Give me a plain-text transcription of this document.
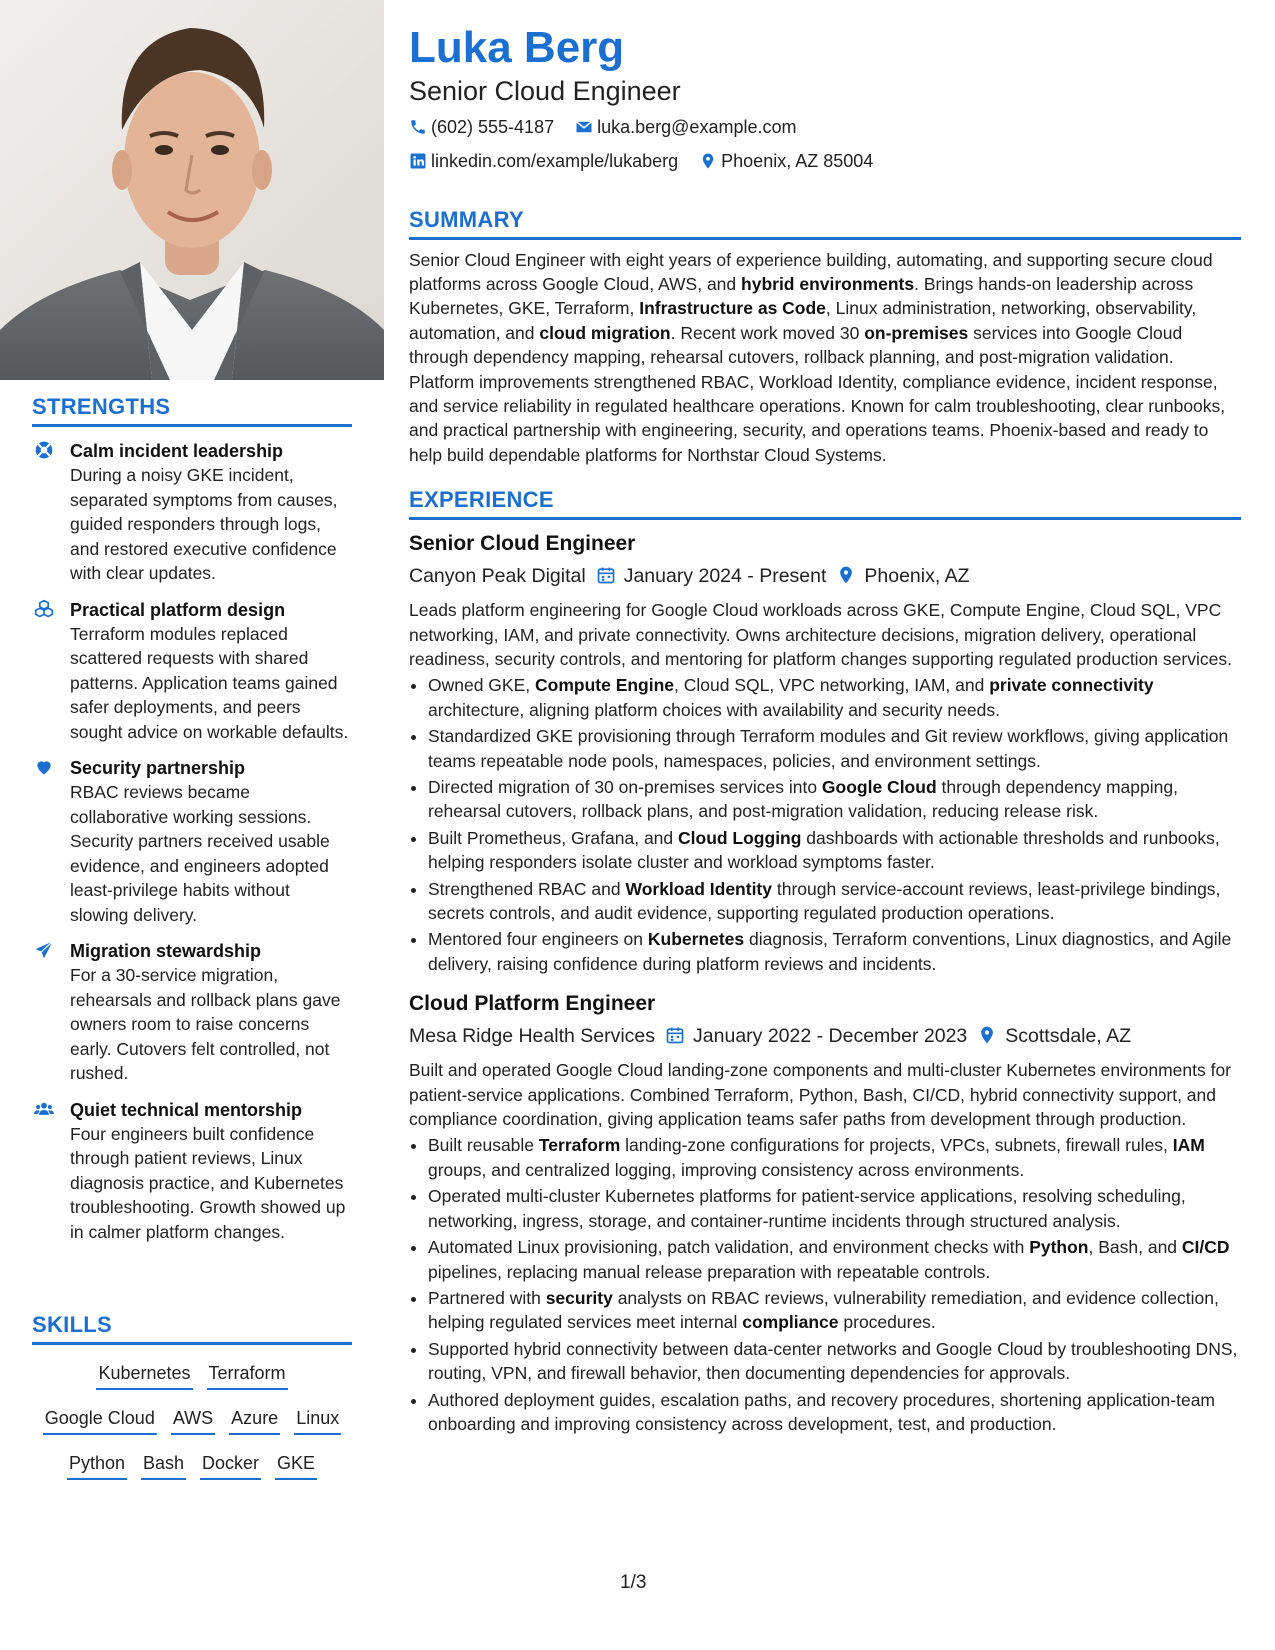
STRENGTHS
Calm incident leadership
During a noisy GKE incident, separated symptoms from causes, guided responders through logs, and restored executive confidence with clear updates.
Practical platform design
Terraform modules replaced scattered requests with shared patterns. Application teams gained safer deployments, and peers sought advice on workable defaults.
Security partnership
RBAC reviews became collaborative working sessions. Security partners received usable evidence, and engineers adopted least-privilege habits without slowing delivery.
Migration stewardship
For a 30-service migration, rehearsals and rollback plans gave owners room to raise concerns early. Cutovers felt controlled, not rushed.
Quiet technical mentorship
Four engineers built confidence through patient reviews, Linux diagnosis practice, and Kubernetes troubleshooting. Growth showed up in calmer platform changes.
SKILLS
Kubernetes Terraform
Google Cloud AWS Azure Linux
Python Bash Docker GKE
Luka Berg
Senior Cloud Engineer
(602) 555-4187 luka.berg@example.com
linkedin.com/example/lukaberg Phoenix, AZ 85004
SUMMARY

Senior Cloud Engineer with eight years of experience building, automating, and supporting secure cloud platforms across Google Cloud, AWS, and hybrid environments. Brings hands-on leadership across Kubernetes, GKE, Terraform, Infrastructure as Code, Linux administration, networking, observability, automation, and cloud migration. Recent work moved 30 on-premises services into Google Cloud through dependency mapping, rehearsal cutovers, rollback planning, and post-migration validation. Platform improvements strengthened RBAC, Workload Identity, compliance evidence, incident response, and service reliability in regulated healthcare operations. Known for calm troubleshooting, clear runbooks, and practical partnership with engineering, security, and operations teams. Phoenix-based and ready to help build dependable platforms for Northstar Cloud Systems.

EXPERIENCE
Senior Cloud Engineer
Canyon Peak Digital January 2024 - Present Phoenix, AZ

Leads platform engineering for Google Cloud workloads across GKE, Compute Engine, Cloud SQL, VPC networking, IAM, and private connectivity. Owns architecture decisions, migration delivery, operational readiness, security controls, and mentoring for platform changes supporting regulated production services.

• Owned GKE, Compute Engine, Cloud SQL, VPC networking, IAM, and private connectivity architecture, aligning platform choices with availability and security needs.
• Standardized GKE provisioning through Terraform modules and Git review workflows, giving application teams repeatable node pools, namespaces, policies, and environment settings.
• Directed migration of 30 on-premises services into Google Cloud through dependency mapping, rehearsal cutovers, rollback plans, and post-migration validation, reducing release risk.
• Built Prometheus, Grafana, and Cloud Logging dashboards with actionable thresholds and runbooks, helping responders isolate cluster and workload symptoms faster.
• Strengthened RBAC and Workload Identity through service-account reviews, least-privilege bindings, secrets controls, and audit evidence, supporting regulated production operations.
• Mentored four engineers on Kubernetes diagnosis, Terraform conventions, Linux diagnostics, and Agile delivery, raising confidence during platform reviews and incidents.
Cloud Platform Engineer
Mesa Ridge Health Services January 2022 - December 2023 Scottsdale, AZ

Built and operated Google Cloud landing-zone components and multi-cluster Kubernetes environments for patient-service applications. Combined Terraform, Python, Bash, CI/CD, hybrid connectivity support, and compliance coordination, giving application teams safer paths from development through production.

• Built reusable Terraform landing-zone configurations for projects, VPCs, subnets, firewall rules, IAM groups, and centralized logging, improving consistency across environments.
• Operated multi-cluster Kubernetes platforms for patient-service applications, resolving scheduling, networking, ingress, storage, and container-runtime incidents through structured analysis.
• Automated Linux provisioning, patch validation, and environment checks with Python, Bash, and CI/CD pipelines, replacing manual release preparation with repeatable controls.
• Partnered with security analysts on RBAC reviews, vulnerability remediation, and evidence collection, helping regulated services meet internal compliance procedures.
• Supported hybrid connectivity between data-center networks and Google Cloud by troubleshooting DNS, routing, VPN, and firewall behavior, then documenting dependencies for approvals.
• Authored deployment guides, escalation paths, and recovery procedures, shortening application-team onboarding and improving consistency across development, test, and production.
1/3
